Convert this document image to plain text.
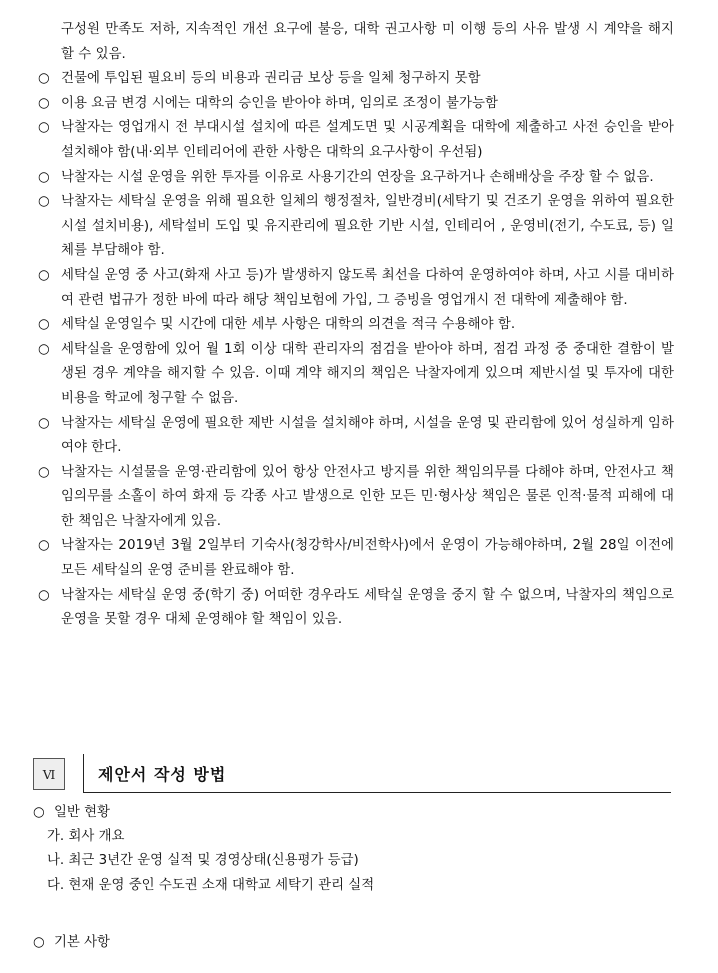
구성원 만족도 저하, 지속적인 개선 요구에 불응, 대학 권고사항 미 이행 등의 사유 발생 시 계약을 해지 할 수 있음.
○ 건물에 투입된 필요비 등의 비용과 권리금 보상 등을 일체 청구하지 못함
○ 이용 요금 변경 시에는 대학의 승인을 받아야 하며, 임의로 조정이 불가능함
○ 낙찰자는 영업개시 전 부대시설 설치에 따른 설계도면 및 시공계획을 대학에 제출하고 사전 승인을 받아 설치해야 함(내·외부 인테리어에 관한 사항은 대학의 요구사항이 우선됨)
○ 낙찰자는 시설 운영을 위한 투자를 이유로 사용기간의 연장을 요구하거나 손해배상을 주장 할 수 없음.
○ 낙찰자는 세탁실 운영을 위해 필요한 일체의 행정절차, 일반경비(세탁기 및 건조기 운영을 위하여 필요한 시설 설치비용), 세탁설비 도입 및 유지관리에 필요한 기반 시설, 인테리어 , 운영비(전기, 수도료, 등) 일체를 부담해야 함.
○ 세탁실 운영 중 사고(화재 사고 등)가 발생하지 않도록 최선을 다하여 운영하여야 하며, 사고 시를 대비하여 관련 법규가 정한 바에 따라 해당 책임보험에 가입, 그 증빙을 영업개시 전 대학에 제출해야 함.
○ 세탁실 운영일수 및 시간에 대한 세부 사항은 대학의 의견을 적극 수용해야 함.
○ 세탁실을 운영함에 있어 월 1회 이상 대학 관리자의 점검을 받아야 하며, 점검 과정 중 중대한 결함이 발생된 경우 계약을 해지할 수 있음. 이때 계약 해지의 책임은 낙찰자에게 있으며 제반시설 및 투자에 대한 비용을 학교에 청구할 수 없음.
○ 낙찰자는 세탁실 운영에 필요한 제반 시설을 설치해야 하며, 시설을 운영 및 관리함에 있어 성실하게 임하여야 한다.
○ 낙찰자는 시설물을 운영·관리함에 있어 항상 안전사고 방지를 위한 책임의무를 다해야 하며, 안전사고 책임의무를 소홀이 하여 화재 등 각종 사고 발생으로 인한 모든 민·형사상 책임은 물론 인적·물적 피해에 대한 책임은 낙찰자에게 있음.
○ 낙찰자는 2019년 3월 2일부터 기숙사(청강학사/비전학사)에서 운영이 가능해야하며, 2월 28일 이전에 모든 세탁실의 운영 준비를 완료해야 함.
○ 낙찰자는 세탁실 운영 중(학기 중) 어떠한 경우라도 세탁실 운영을 중지 할 수 없으며, 낙찰자의 책임으로 운영을 못할 경우 대체 운영해야 할 책임이 있음.
Ⅵ	제안서 작성 방법
○ 일반 현황
가. 회사 개요
나. 최근 3년간 운영 실적 및 경영상태(신용평가 등급)
다. 현재 운영 중인 수도권 소재 대학교 세탁기 관리 실적
○ 기본 사항
